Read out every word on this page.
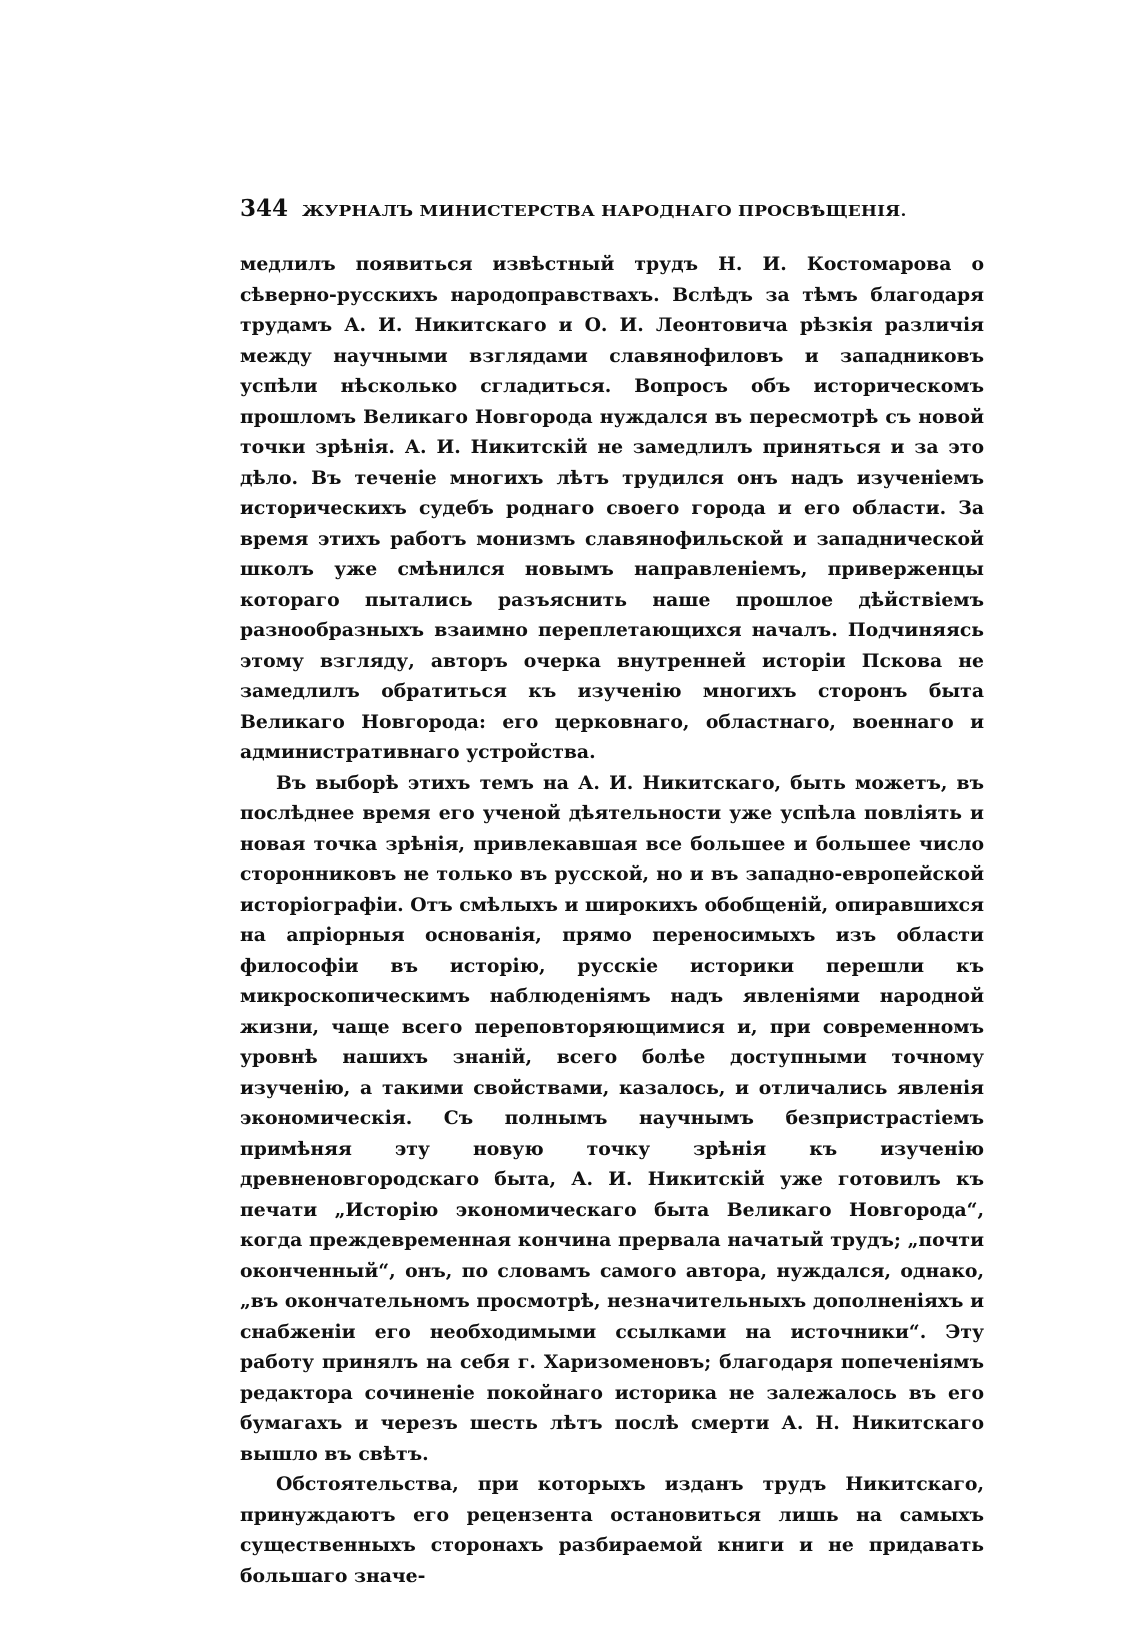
344 ЖУРНАЛЪ МИНИСТЕРСТВА НАРОДНАГО ПРОСВѢЩЕНІЯ.

медлилъ появиться извѣстный трудъ Н. И. Костомарова о сѣверно-русскихъ народоправствахъ. Вслѣдъ за тѣмъ благодаря трудамъ А. И. Никитскаго и О. И. Леонтовича рѣзкія различія между научными взглядами славянофиловъ и западниковъ успѣли нѣсколько сгладиться. Вопросъ объ историческомъ прошломъ Великаго Новгорода нуждался въ пересмотрѣ съ новой точки зрѣнія. А. И. Никитскій не замедлилъ приняться и за это дѣло. Въ теченіе многихъ лѣтъ трудился онъ надъ изученіемъ историческихъ судебъ роднаго своего города и его области. За время этихъ работъ монизмъ славянофильской и западнической школъ уже смѣнился новымъ направленіемъ, приверженцы котораго пытались разъяснить наше прошлое дѣйствіемъ разнообразныхъ взаимно переплетающихся началъ. Подчиняясь этому взгляду, авторъ очерка внутренней исторіи Пскова не замедлилъ обратиться къ изученію многихъ сторонъ быта Великаго Новгорода: его церковнаго, областнаго, военнаго и административнаго устройства.

Въ выборѣ этихъ темъ на А. И. Никитскаго, быть можетъ, въ послѣднее время его ученой дѣятельности уже успѣла повліять и новая точка зрѣнія, привлекавшая все большее и большее число сторонниковъ не только въ русской, но и въ западно-европейской исторіографіи. Отъ смѣлыхъ и широкихъ обобщеній, опиравшихся на апріорныя основанія, прямо переносимыхъ изъ области философіи въ исторію, русскіе историки перешли къ микроскопическимъ наблюденіямъ надъ явленіями народной жизни, чаще всего переповторяющимися и, при современномъ уровнѣ нашихъ знаній, всего болѣе доступными точному изученію, а такими свойствами, казалось, и отличались явленія экономическія. Съ полнымъ научнымъ безпристрастіемъ примѣняя эту новую точку зрѣнія къ изученію древненовгородскаго быта, А. И. Никитскій уже готовилъ къ печати „Исторію экономическаго быта Великаго Новгорода“, когда преждевременная кончина прервала начатый трудъ; „почти оконченный“, онъ, по словамъ самого автора, нуждался, однако, „въ окончательномъ просмотрѣ, незначительныхъ дополненіяхъ и снабженіи его необходимыми ссылками на источники“. Эту работу принялъ на себя г. Харизоменовъ; благодаря попеченіямъ редактора сочиненіе покойнаго историка не залежалось въ его бумагахъ и черезъ шесть лѣтъ послѣ смерти А. Н. Никитскаго вышло въ свѣтъ.

Обстоятельства, при которыхъ изданъ трудъ Никитскаго, принуждаютъ его рецензента остановиться лишь на самыхъ существенныхъ сторонахъ разбираемой книги и не придавать большаго значе-
